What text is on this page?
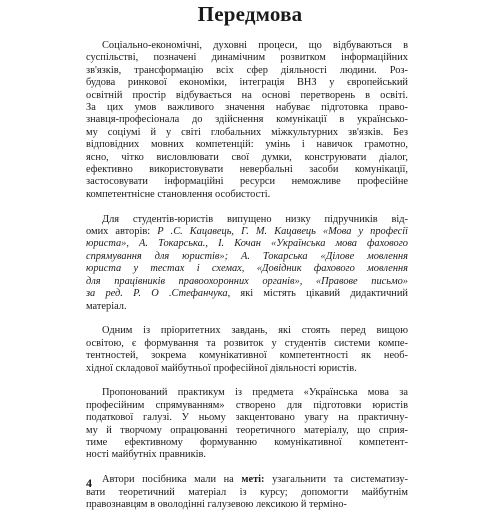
Передмова
Соціально-економічні, духовні процеси, що відбуваються в
суспільстві, позначені динамічним розвитком інформаційних
зв'язків, трансформацію всіх сфер діяльності людини. Роз-
будова ринкової економіки, інтеграція ВНЗ у європейський
освітній простір відбувається на основі перетворень в освіті.
За цих умов важливого значення набуває підготовка право-
знавця-професіонала до здійснення комунікації в українсько-
му соціумі й у світі глобальних міжкультурних зв'язків. Без
відповідних мовних компетенцій: умінь і навичок грамотно,
ясно, чітко висловлювати свої думки, конструювати діалог,
ефективно використовувати невербальні засоби комунікації,
застосовувати інформаційні ресурси неможливе професійне
компетентнісне становлення особистості.
Для студентів-юристів випущено низку підручників від-
омих авторів: Р .С. Кацавець, Г. М. Кацавець «Мова у професії
юриста», А. Токарська., І. Кочан «Українська мова фахового
спрямування для юристів»; А. Токарська «Ділове мовлення
юриста у тестах і схемах, «Довідник фахового мовлення
для працівників правоохоронних органів», «Правове письмо»
за ред. Р. О .Стефанчука, які містять цікавий дидактичний
матеріал.
Одним із пріоритетних завдань, які стоять перед вищою
освітою, є формування та розвиток у студентів системи компе-
тентностей, зокрема комунікативної компетентності як необ-
хідної складової майбутньої професійної діяльності юристів.
Пропонований практикум із предмета «Українська мова за
професійним спрямуванням» створено для підготовки юристів
податкової галузі. У ньому закцентовано увагу на практичну-
му й творчому опрацюванні теоретичного матеріалу, що сприя-
тиме ефективному формуванню комунікативної компетент-
ності майбутніх правників.
Автори посібника мали на меті: узагальнити та систематизу-
вати теоретичний матеріал із курсу; допомогти майбутнім
правознавцям в оволодінні галузевою лексикою й терміно-
4
